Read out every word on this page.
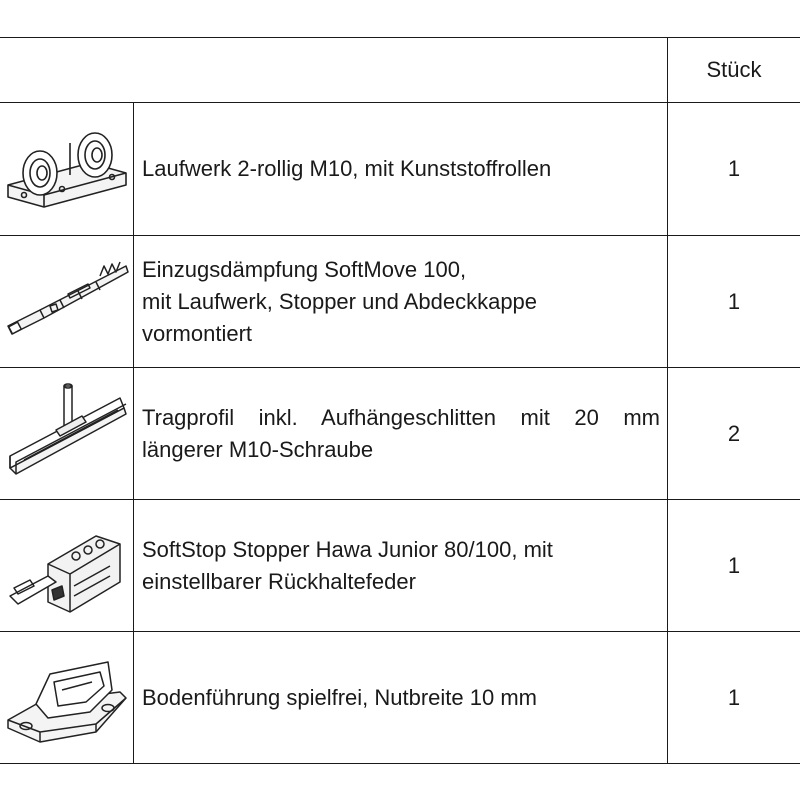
Stück
Laufwerk 2-rollig M10, mit Kunststoffrollen	1
Einzugsdämpfung SoftMove 100,
mit Laufwerk, Stopper und Abdeckkappe
vormontiert
1
Tragprofil inkl. Aufhängeschlitten mit 20 mm
längerer M10-Schraube
2
SoftStop Stopper Hawa Junior 80/100, mit
einstellbarer Rückhaltefeder
1
Bodenführung spielfrei, Nutbreite 10 mm	1
